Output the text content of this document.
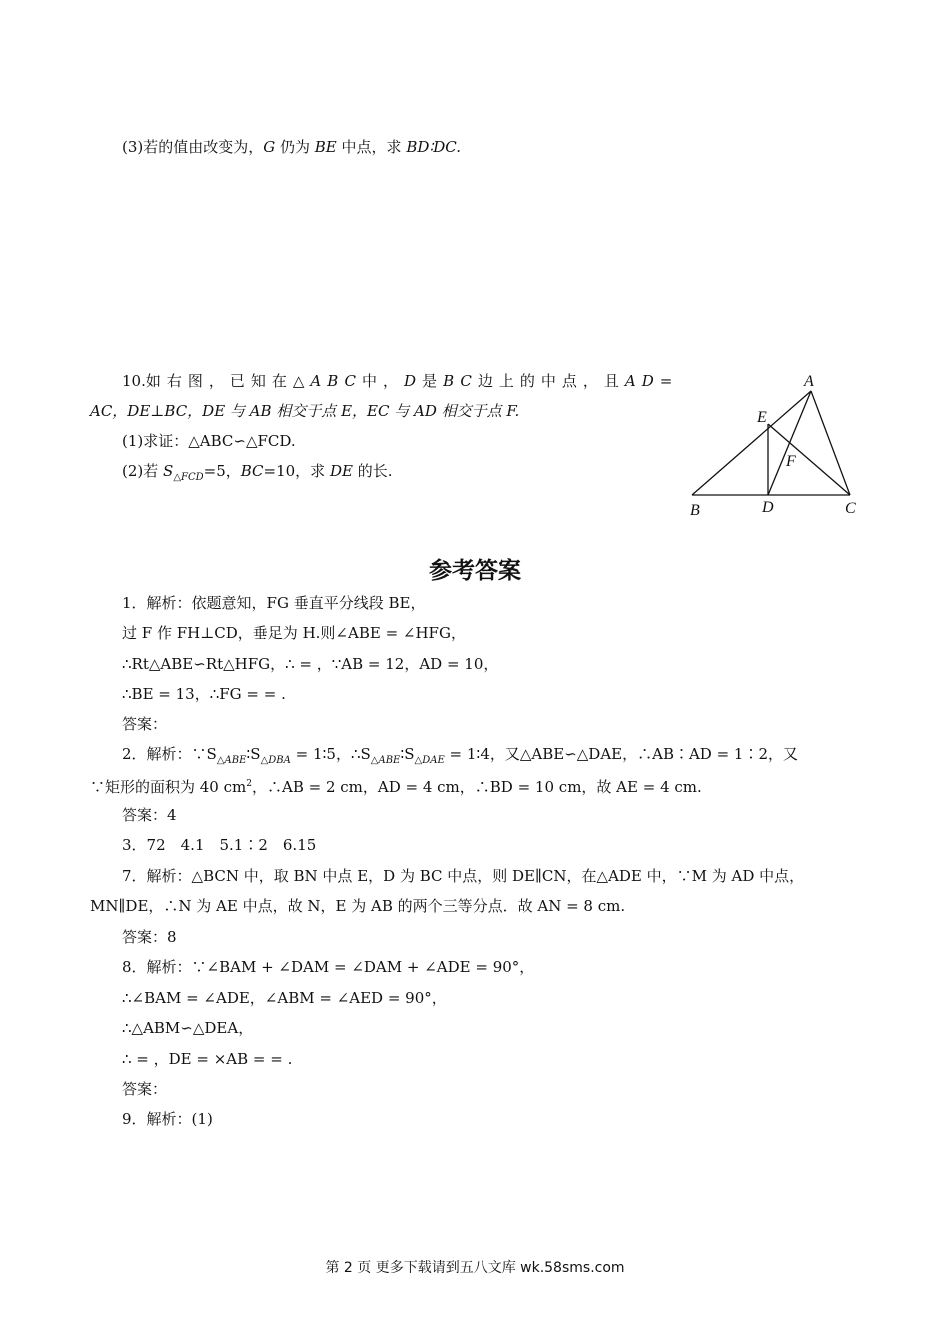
(3)若的值由改变为，G 仍为 BE 中点，求 BD∶DC.
10.如右图，已知在△ABC中，D是BC边上的中点，且AD=
AC，DE⊥BC，DE 与 AB 相交于点 E，EC 与 AD 相交于点 F.
(1)求证：△ABC∽△FCD.
(2)若 $S_{\triangle FCD}=5$，BC=10，求 DE 的长.
A
E
F
B	D	C
参考答案
1．解析：依题意知，FG 垂直平分线段 BE，
过 F 作 FH⊥CD，垂足为 H.则∠ABE = ∠HFG，
∴Rt△ABE∽Rt△HFG，∴ = ，∵AB = 12，AD = 10，
∴BE = 13，∴FG = = .
答案：
2．解析：$\because S_{\triangle ABE}∶S_{\triangle DBA}$ = 1∶5，$\therefore S_{\triangle ABE}∶S_{\triangle DAE}$ = 1∶4，又△ABE∽△DAE，∴AB∶AD = 1∶2，又
∵矩形的面积为 40 $cm^2$，∴AB = 2 cm，AD = 4 cm，∴BD = 10 cm，故 AE = 4 cm.
答案：4
3．72　4.1　5.1∶2　6.15
7．解析：△BCN 中，取 BN 中点 E，D 为 BC 中点，则 DE∥CN，在△ADE 中，∵M 为 AD 中点，
MN∥DE，∴N 为 AE 中点，故 N，E 为 AB 的两个三等分点．故 AN = 8 cm.
答案：8
8．解析：∵∠BAM + ∠DAM = ∠DAM + ∠ADE = 90°，
∴∠BAM = ∠ADE，∠ABM = ∠AED = 90°，
∴△ABM∽△DEA，
∴ = ，DE = ×AB = = .
答案：
9．解析：(1)
第 2 页 更多下载请到五八文库 wk.58sms.com
